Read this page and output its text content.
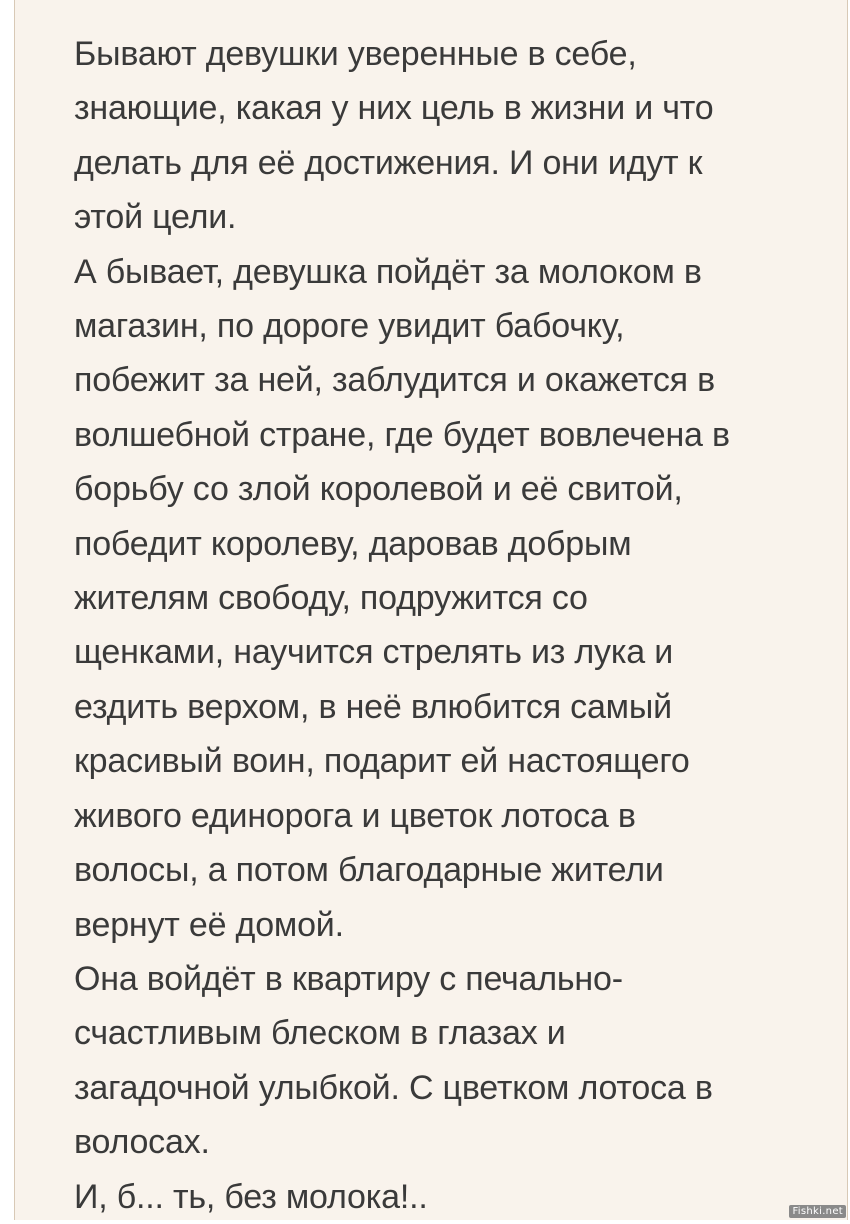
Бывают девушки уверенные в себе,
знающие, какая у них цель в жизни и что
делать для её достижения. И они идут к
этой цели.
А бывает, девушка пойдёт за молоком в
магазин, по дороге увидит бабочку,
побежит за ней, заблудится и окажется в
волшебной стране, где будет вовлечена в
борьбу со злой королевой и её свитой,
победит королеву, даровав добрым
жителям свободу, подружится со
щенками, научится стрелять из лука и
ездить верхом, в неё влюбится самый
красивый воин, подарит ей настоящего
живого единорога и цветок лотоса в
волосы, а потом благодарные жители
вернут её домой.
Она войдёт в квартиру с печально-
счастливым блеском в глазах и
загадочной улыбкой. С цветком лотоса в
волосах.
И, б... ть, без молока!..	Fishki.net
